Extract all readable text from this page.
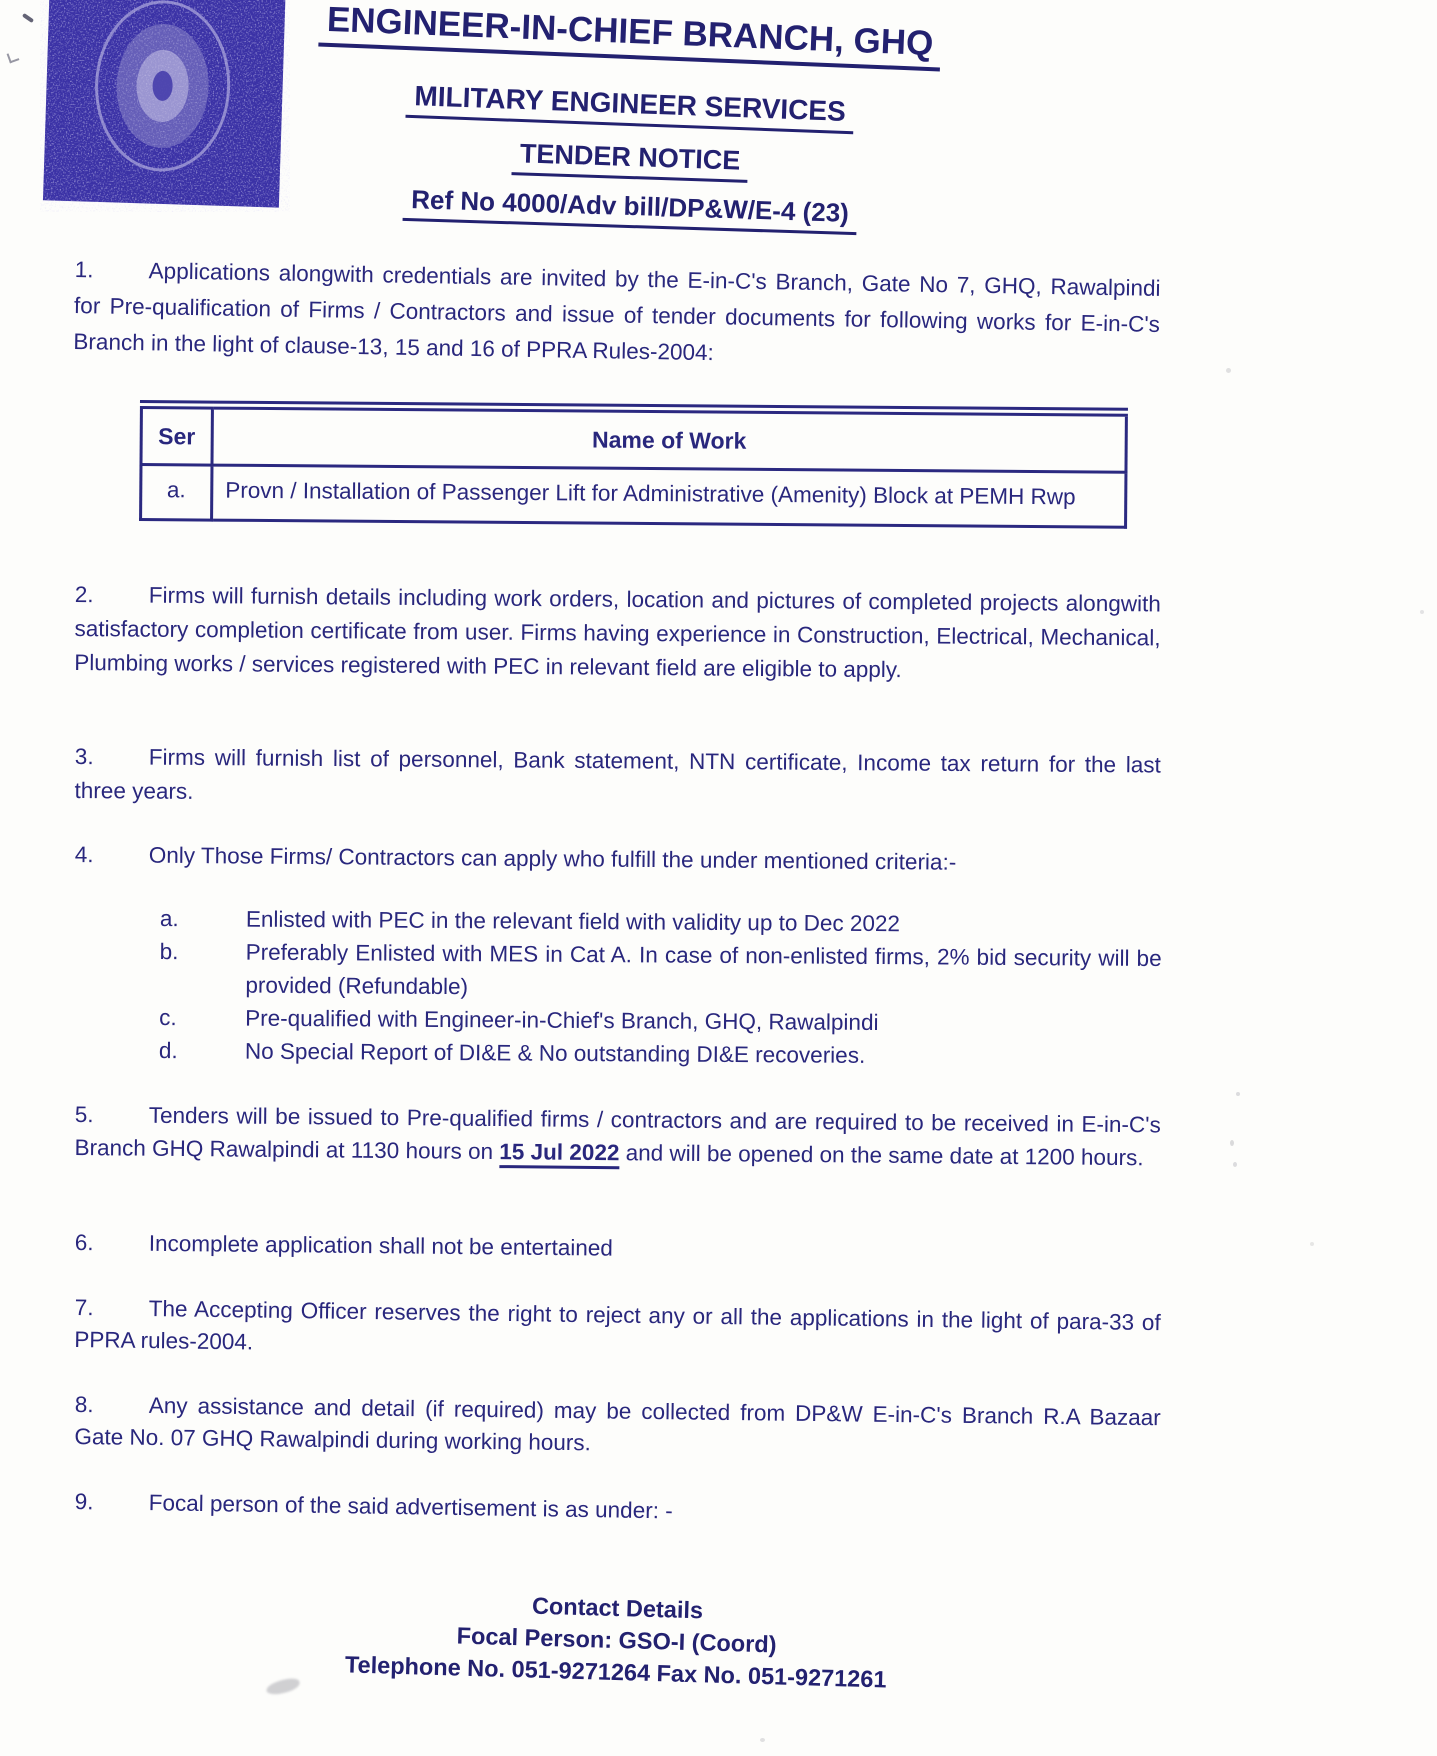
ENGINEER-IN-CHIEF BRANCH, GHQ
MILITARY ENGINEER SERVICES
TENDER NOTICE
Ref No 4000/Adv bill/DP&W/E-4 (23)
1. Applications alongwith credentials are invited by the E-in-C's Branch, Gate No 7, GHQ, Rawalpindi for Pre-qualification of Firms / Contractors and issue of tender documents for following works for E-in-C's Branch in the light of clause-13, 15 and 16 of PPRA Rules-2004:
Ser	Name of Work
a.	Provn / Installation of Passenger Lift for Administrative (Amenity) Block at PEMH Rwp
2. Firms will furnish details including work orders, location and pictures of completed projects alongwith satisfactory completion certificate from user. Firms having experience in Construction, Electrical, Mechanical, Plumbing works / services registered with PEC in relevant field are eligible to apply.
3. Firms will furnish list of personnel, Bank statement, NTN certificate, Income tax return for the last three years.
4. Only Those Firms/ Contractors can apply who fulfill the under mentioned criteria:-
a.	Enlisted with PEC in the relevant field with validity up to Dec 2022
b.	Preferably Enlisted with MES in Cat A. In case of non-enlisted firms, 2% bid security will be provided (Refundable)
c.	Pre-qualified with Engineer-in-Chief's Branch, GHQ, Rawalpindi
d.	No Special Report of DI&E & No outstanding DI&E recoveries.
5. Tenders will be issued to Pre-qualified firms / contractors and are required to be received in E-in-C's Branch GHQ Rawalpindi at 1130 hours on 15 Jul 2022 and will be opened on the same date at 1200 hours.
6. Incomplete application shall not be entertained
7. The Accepting Officer reserves the right to reject any or all the applications in the light of para-33 of PPRA rules-2004.
8. Any assistance and detail (if required) may be collected from DP&W E-in-C's Branch R.A Bazaar Gate No. 07 GHQ Rawalpindi during working hours.
9. Focal person of the said advertisement is as under: -
Contact Details
Focal Person: GSO-I (Coord)
Telephone No. 051-9271264 Fax No. 051-9271261
